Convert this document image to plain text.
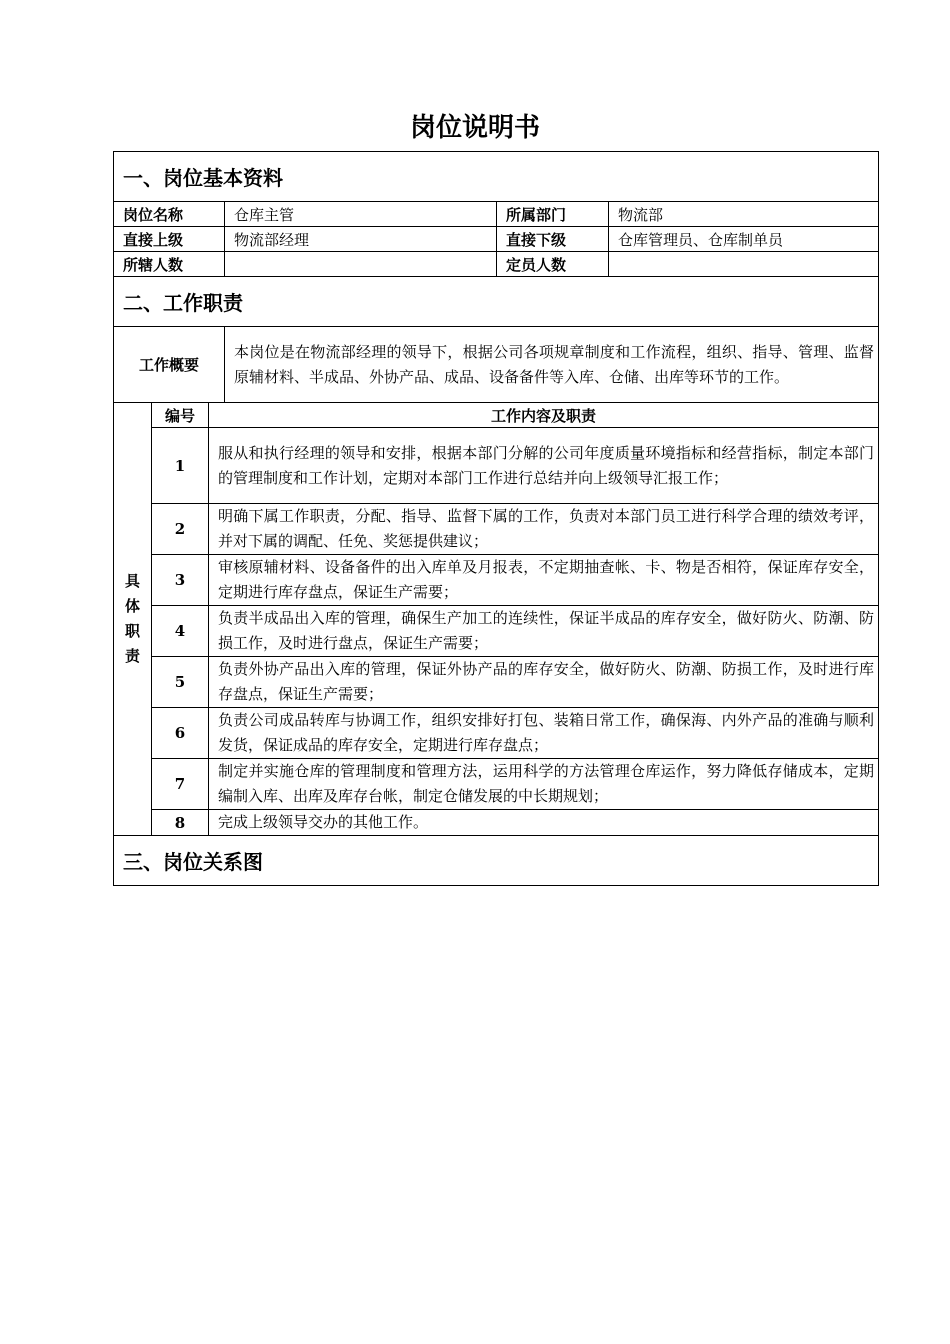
岗位说明书
一、岗位基本资料					
岗位名称			仓库主管	所属部门	物流部
直接上级			物流部经理	直接下级	仓库管理员、仓库制单员
所辖人数				定员人数	
二、工作职责					
工作概要			本岗位是在物流部经理的领导下，根据公司各项规章制度和工作流程，组织、指导、管理、监督原辅材料、半成品、外协产品、成品、设备备件等入库、仓储、出库等环节的工作。		

具
体
职
责	编号	工作内容及职责			
	1	服从和执行经理的领导和安排，根据本部门分解的公司年度质量环境指标和经营指标，制定本部门的管理制度和工作计划，定期对本部门工作进行总结并向上级领导汇报工作；			
	2	明确下属工作职责，分配、指导、监督下属的工作，负责对本部门员工进行科学合理的绩效考评，并对下属的调配、任免、奖惩提供建议；			
	3	审核原辅材料、设备备件的出入库单及月报表，不定期抽查帐、卡、物是否相符，保证库存安全，定期进行库存盘点，保证生产需要；			
	4	负责半成品出入库的管理，确保生产加工的连续性，保证半成品的库存安全，做好防火、防潮、防损工作，及时进行盘点，保证生产需要；			
	5	负责外协产品出入库的管理，保证外协产品的库存安全，做好防火、防潮、防损工作，及时进行库存盘点，保证生产需要；			
	6	负责公司成品转库与协调工作，组织安排好打包、装箱日常工作，确保海、内外产品的准确与顺利发货，保证成品的库存安全，定期进行库存盘点；			
	7	制定并实施仓库的管理制度和管理方法，运用科学的方法管理仓库运作，努力降低存储成本，定期编制入库、出库及库存台帐，制定仓储发展的中长期规划；			
	8	完成上级领导交办的其他工作。			
三、岗位关系图					
